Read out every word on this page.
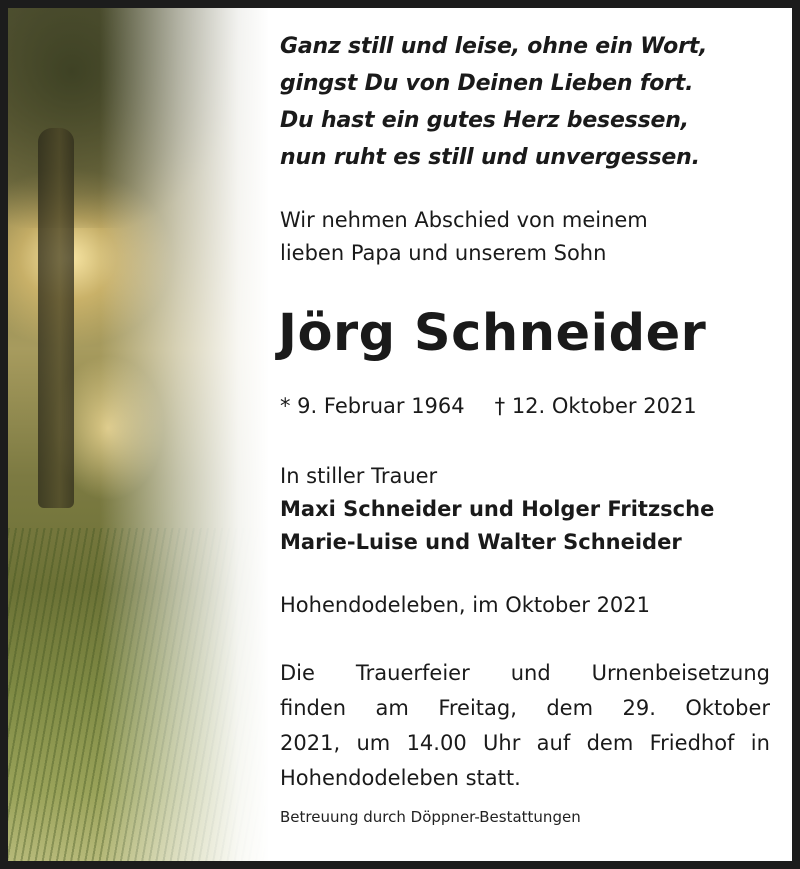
Ganz still und leise, ohne ein Wort,
gingst Du von Deinen Lieben fort.
Du hast ein gutes Herz besessen,
nun ruht es still und unvergessen.

Wir nehmen Abschied von meinem
lieben Papa und unserem Sohn

Jörg Schneider
* 9. Februar 1964 † 12. Oktober 2021
In stiller Trauer
Maxi Schneider und Holger Fritzsche
Marie-Luise und Walter Schneider
Hohendodeleben, im Oktober 2021
Die Trauerfeier und Urnenbeisetzung
finden am Freitag, dem 29. Oktober
2021, um 14.00 Uhr auf dem Friedhof in
Hohendodeleben statt.
Betreuung durch Döppner-Bestattungen
